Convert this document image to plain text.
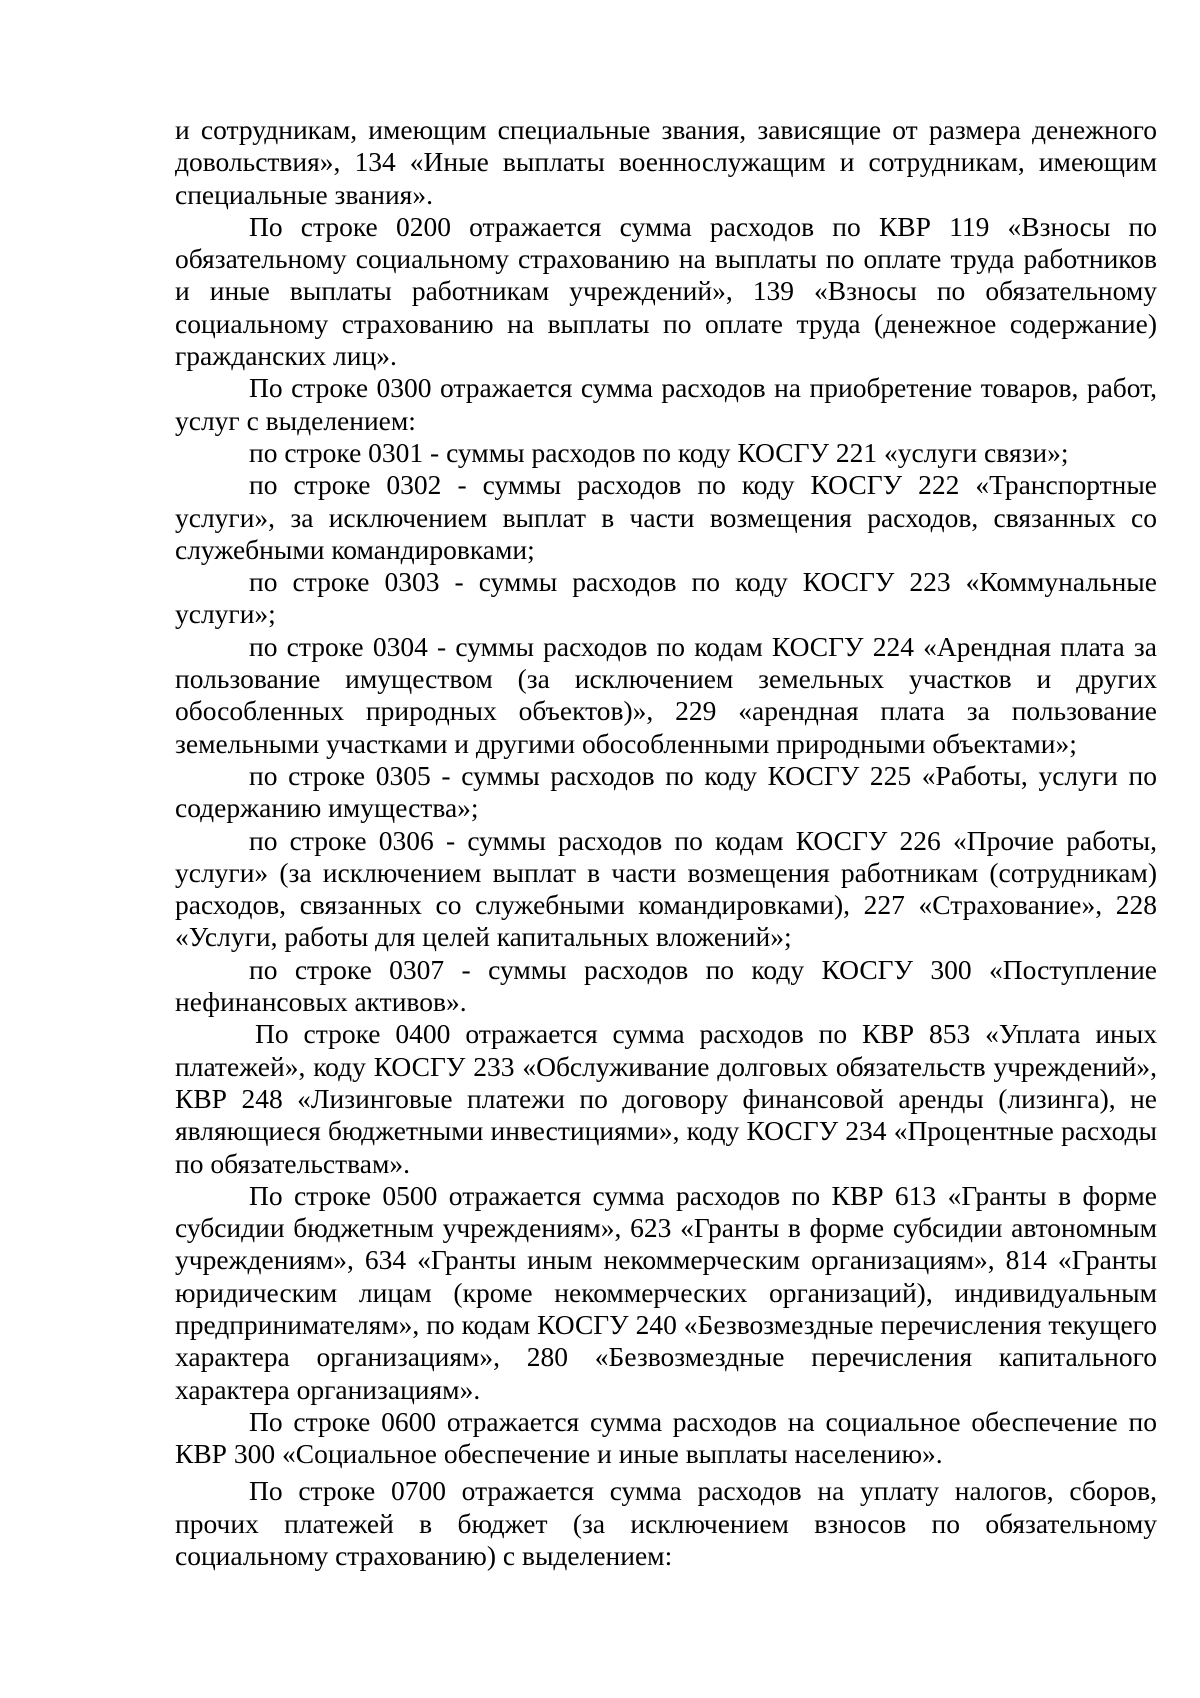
и сотрудникам, имеющим специальные звания, зависящие от размера денежного довольствия», 134 «Иные выплаты военнослужащим и сотрудникам, имеющим специальные звания».

По строке 0200 отражается сумма расходов по КВР 119 «Взносы по обязательному социальному страхованию на выплаты по оплате труда работников и иные выплаты работникам учреждений», 139 «Взносы по обязательному социальному страхованию на выплаты по оплате труда (денежное содержание) гражданских лиц».

По строке 0300 отражается сумма расходов на приобретение товаров, работ, услуг с выделением:

по строке 0301 - суммы расходов по коду КОСГУ 221 «услуги связи»;

по строке 0302 - суммы расходов по коду КОСГУ 222 «Транспортные услуги», за исключением выплат в части возмещения расходов, связанных со служебными командировками;

по строке 0303 - суммы расходов по коду КОСГУ 223 «Коммунальные услуги»;

по строке 0304 - суммы расходов по кодам КОСГУ 224 «Арендная плата за пользование имуществом (за исключением земельных участков и других обособленных природных объектов)», 229 «арендная плата за пользование земельными участками и другими обособленными природными объектами»;

по строке 0305 - суммы расходов по коду КОСГУ 225 «Работы, услуги по содержанию имущества»;

по строке 0306 - суммы расходов по кодам КОСГУ 226 «Прочие работы, услуги» (за исключением выплат в части возмещения работникам (сотрудникам) расходов, связанных со служебными командировками), 227 «Страхование», 228 «Услуги, работы для целей капитальных вложений»;

по строке 0307 - суммы расходов по коду КОСГУ 300 «Поступление нефинансовых активов».

По строке 0400 отражается сумма расходов по КВР 853 «Уплата иных платежей», коду КОСГУ 233 «Обслуживание долговых обязательств учреждений», КВР 248 «Лизинговые платежи по договору финансовой аренды (лизинга), не являющиеся бюджетными инвестициями», коду КОСГУ 234 «Процентные расходы по обязательствам».

По строке 0500 отражается сумма расходов по КВР 613 «Гранты в форме субсидии бюджетным учреждениям», 623 «Гранты в форме субсидии автономным учреждениям», 634 «Гранты иным некоммерческим организациям», 814 «Гранты юридическим лицам (кроме некоммерческих организаций), индивидуальным предпринимателям», по кодам КОСГУ 240 «Безвозмездные перечисления текущего характера организациям», 280 «Безвозмездные перечисления капитального характера организациям».

По строке 0600 отражается сумма расходов на социальное обеспечение по КВР 300 «Социальное обеспечение и иные выплаты населению».

По строке 0700 отражается сумма расходов на уплату налогов, сборов, прочих платежей в бюджет (за исключением взносов по обязательному социальному страхованию) с выделением:
